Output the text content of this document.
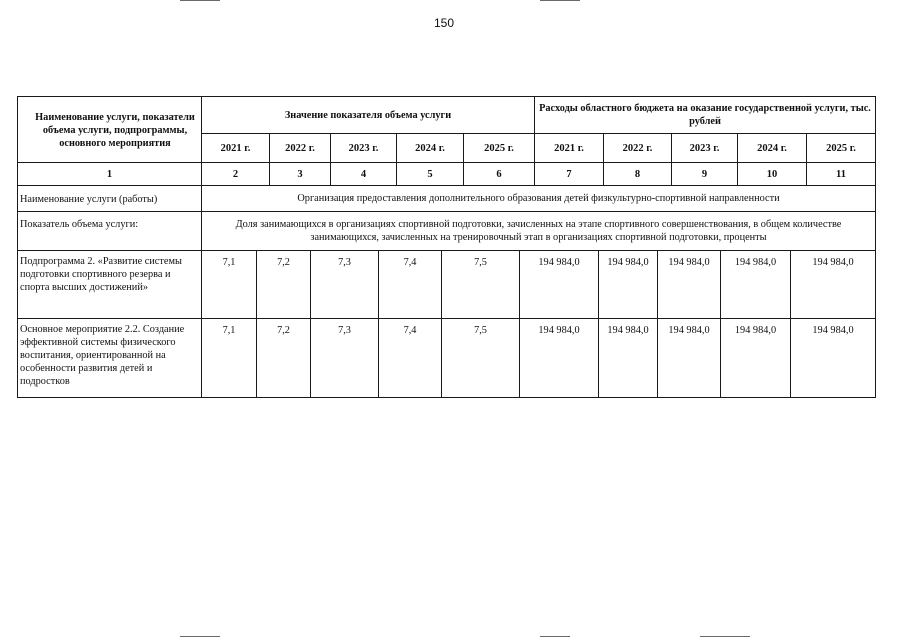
150
Наименование услуги, показатели объема услуги, подпрограммы, основного мероприятия
Значение показателя объема услуги
Расходы областного бюджета на оказание государственной услуги, тыс. рублей
2021 г.	2022 г.	2023 г.	2024 г.	2025 г.	2021 г.	2022 г.	2023 г.	2024 г.	2025 г.
1	2	3	4	5	6	7	8	9	10	11
Наименование услуги (работы)	Организация предоставления дополнительного образования детей физкультурно-спортивной направленности
Показатель объема услуги:	Доля занимающихся в организациях спортивной подготовки, зачисленных на этапе спортивного совершенствования, в общем количестве занимающихся, зачисленных на тренировочный этап в организациях спортивной подготовки, проценты
Подпрограмма 2. «Развитие системы подготовки спортивного резерва и спорта высших достижений»
7,1	7,2	7,3	7,4	7,5	194 984,0	194 984,0	194 984,0	194 984,0	194 984,0
Основное мероприятие 2.2. Создание эффективной системы физического воспитания, ориентированной на особенности развития детей и подростков
7,1	7,2	7,3	7,4	7,5	194 984,0	194 984,0	194 984,0	194 984,0	194 984,0
